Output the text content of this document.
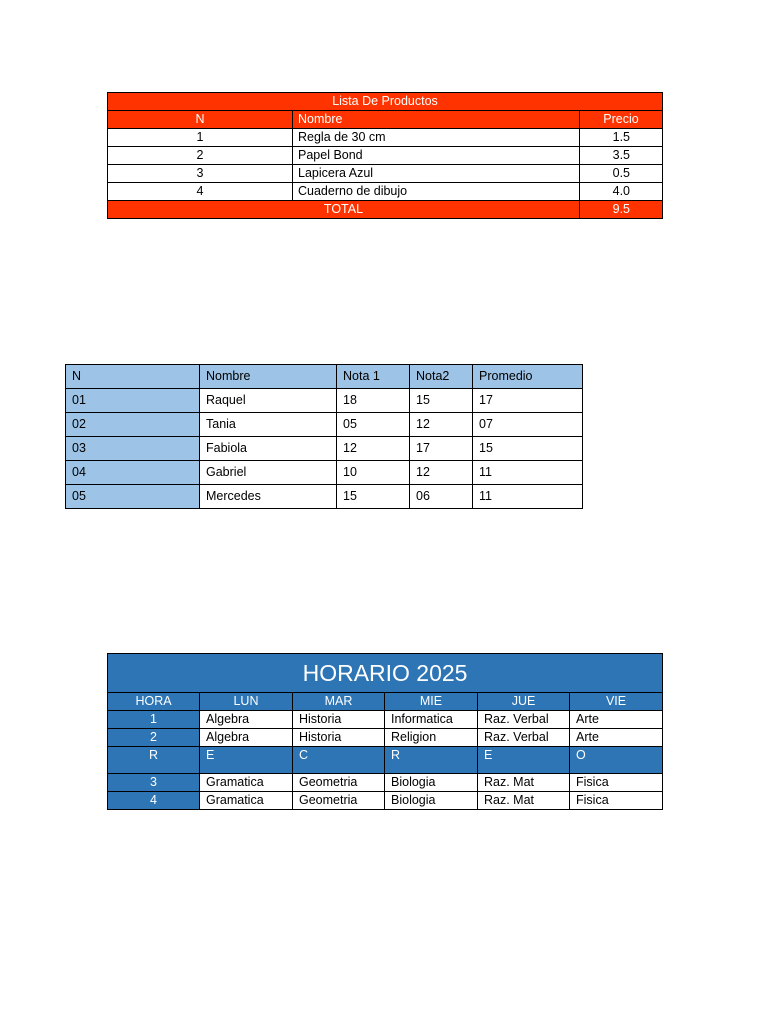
Lista De Productos		
N	Nombre	Precio
1	Regla de 30 cm	1.5
2	Papel Bond	3.5
3	Lapicera Azul	0.5
4	Cuaderno de dibujo	4.0
TOTAL		9.5
N	Nombre	Nota 1	Nota2	Promedio
01	Raquel	18	15	17
02	Tania	05	12	07
03	Fabiola	12	17	15
04	Gabriel	10	12	11
05	Mercedes	15	06	11
HORARIO 2025					
HORA	LUN	MAR	MIE	JUE	VIE
1	Algebra	Historia	Informatica	Raz. Verbal	Arte
2	Algebra	Historia	Religion	Raz. Verbal	Arte
R	E	C	R	E	O
3	Gramatica	Geometria	Biologia	Raz. Mat	Fisica
4	Gramatica	Geometria	Biologia	Raz. Mat	Fisica
